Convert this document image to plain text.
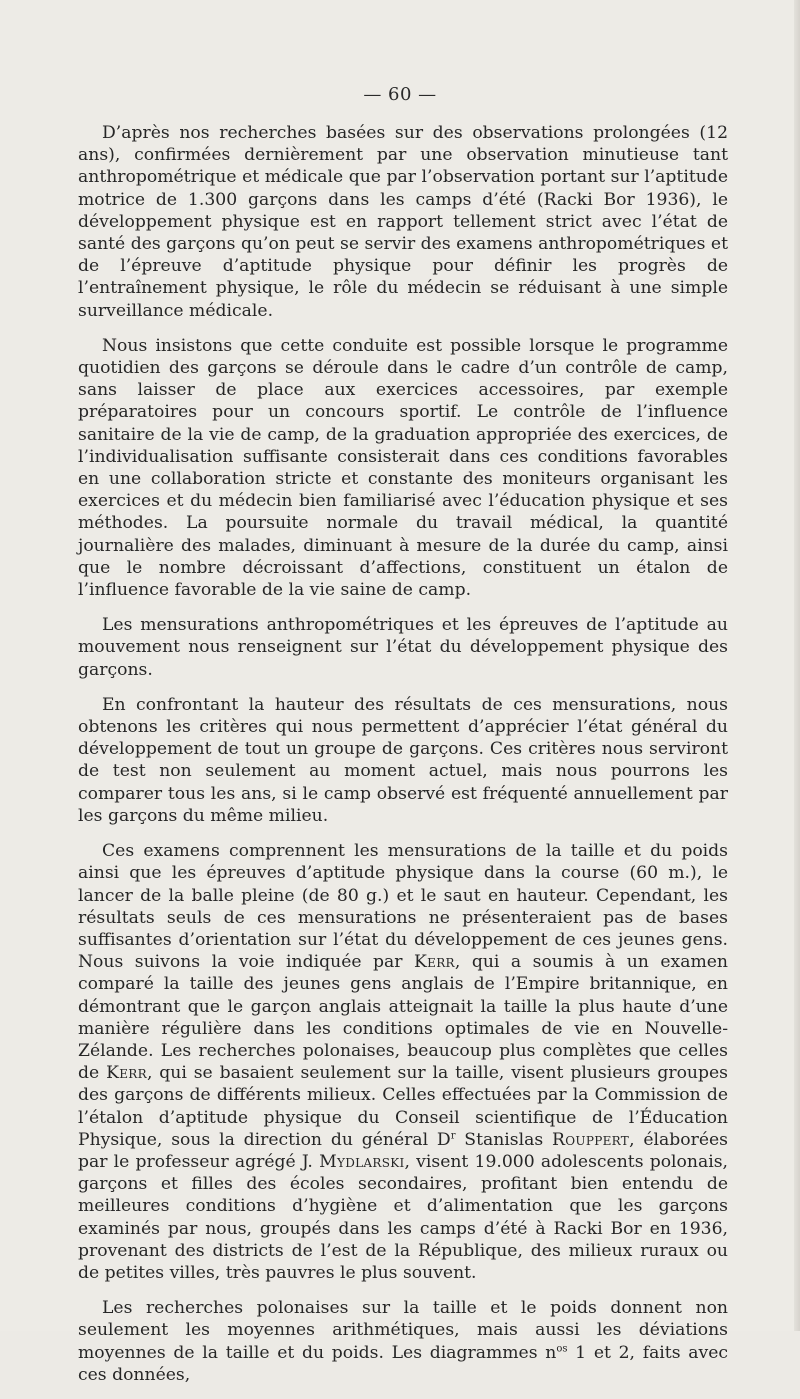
— 60 —

D’après nos recherches basées sur des observations prolongées (12 ans), confirmées dernièrement par une observation minutieuse tant anthropométrique et médicale que par l’observation portant sur l’aptitude motrice de 1.300 garçons dans les camps d’été (Racki Bor 1936), le développement physique est en rapport tellement strict avec l’état de santé des garçons qu’on peut se servir des examens anthropométriques et de l’épreuve d’aptitude physique pour définir les progrès de l’entraînement physique, le rôle du médecin se réduisant à une simple surveillance médicale.

Nous insistons que cette conduite est possible lorsque le programme quotidien des garçons se déroule dans le cadre d’un contrôle de camp, sans laisser de place aux exercices accessoires, par exemple préparatoires pour un concours sportif. Le contrôle de l’influence sanitaire de la vie de camp, de la graduation appropriée des exercices, de l’individualisation suffisante consisterait dans ces conditions favorables en une collaboration stricte et constante des moniteurs organisant les exercices et du médecin bien familiarisé avec l’éducation physique et ses méthodes. La poursuite normale du travail médical, la quantité journalière des malades, diminuant à mesure de la durée du camp, ainsi que le nombre décroissant d’affections, constituent un étalon de l’influence favorable de la vie saine de camp.

Les mensurations anthropométriques et les épreuves de l’aptitude au mouvement nous renseignent sur l’état du développement physique des garçons.

En confrontant la hauteur des résultats de ces mensurations, nous obtenons les critères qui nous permettent d’apprécier l’état général du développement de tout un groupe de garçons. Ces critères nous serviront de test non seulement au moment actuel, mais nous pourrons les comparer tous les ans, si le camp observé est fréquenté annuellement par les garçons du même milieu.

Ces examens comprennent les mensurations de la taille et du poids ainsi que les épreuves d’aptitude physique dans la course (60 m.), le lancer de la balle pleine (de 80 g.) et le saut en hauteur. Cependant, les résultats seuls de ces mensurations ne présenteraient pas de bases suffisantes d’orientation sur l’état du développement de ces jeunes gens. Nous suivons la voie indiquée par Kerr, qui a soumis à un examen comparé la taille des jeunes gens anglais de l’Empire britannique, en démontrant que le garçon anglais atteignait la taille la plus haute d’une manière régulière dans les conditions optimales de vie en Nouvelle-Zélande. Les recherches polonaises, beaucoup plus complètes que celles de Kerr, qui se basaient seulement sur la taille, visent plusieurs groupes des garçons de différents milieux. Celles effectuées par la Commission de l’étalon d’aptitude physique du Conseil scientifique de l’Éducation Physique, sous la direction du général $D^r$ Stanislas Rouppert, élaborées par le professeur agrégé J. Mydlarski, visent 19.000 adolescents polonais, garçons et filles des écoles secondaires, profitant bien entendu de meilleures conditions d’hygiène et d’alimentation que les garçons examinés par nous, groupés dans les camps d’été à Racki Bor en 1936, provenant des districts de l’est de la République, des milieux ruraux ou de petites villes, très pauvres le plus souvent.

Les recherches polonaises sur la taille et le poids donnent non seulement les moyennes arithmétiques, mais aussi les déviations moyennes de la taille et du poids. Les diagrammes $n^{os}$ 1 et 2, faits avec ces données,
